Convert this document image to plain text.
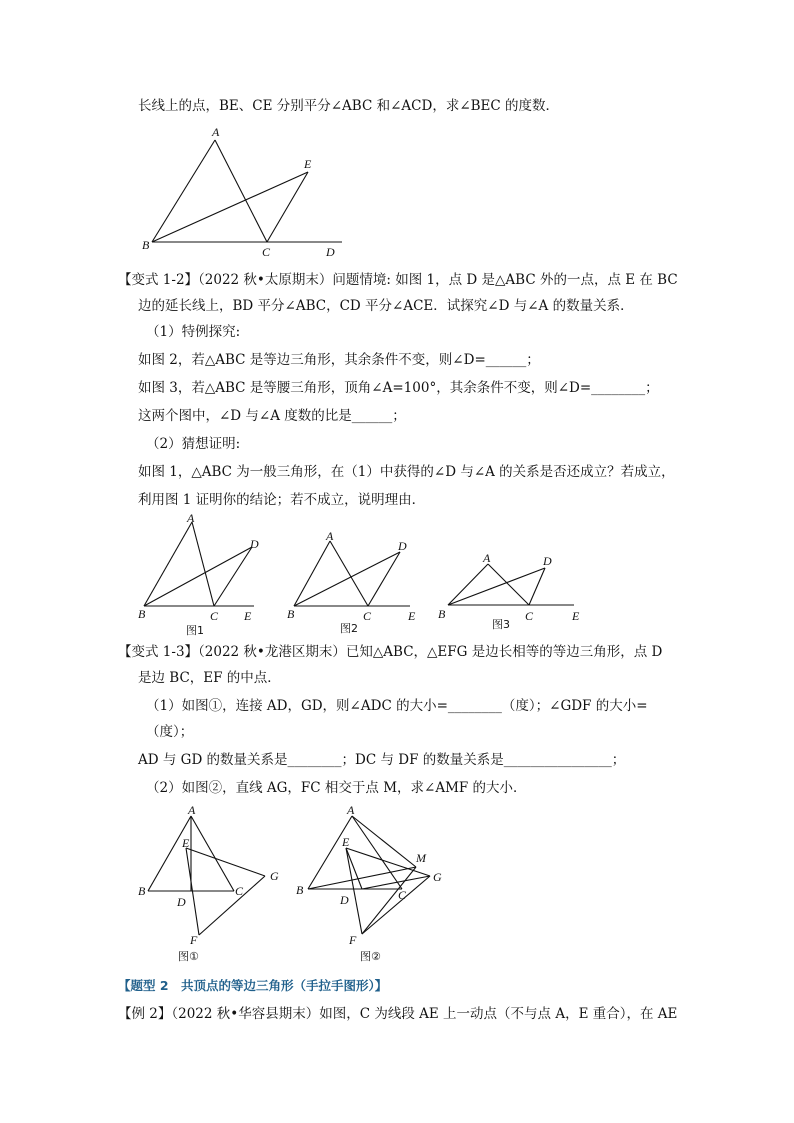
长线上的点，BE、CE 分别平分∠ABC 和∠ACD，求∠BEC 的度数．
A
B	C	D
E
【变式 1-2】（2022 秋•太原期末）问题情境: 如图 1，点 D 是△ABC 外的一点，点 E 在 BC
边的延长线上，BD 平分∠ABC，CD 平分∠ACE．试探究∠D 与∠A 的数量关系．
（1）特例探究:
如图 2，若△ABC 是等边三角形，其余条件不变，则∠D=______；
如图 3，若△ABC 是等腰三角形，顶角∠A=100°，其余条件不变，则∠D=________；
这两个图中，∠D 与∠A 度数的比是______；
（2）猜想证明:
如图 1，△ABC 为一般三角形，在（1）中获得的∠D 与∠A 的关系是否还成立？若成立，
利用图 1 证明你的结论；若不成立，说明理由．
A
B	C
D
E
图1
A
B	C
D
E
图2
A
B	C
D
E
图3
【变式 1-3】（2022 秋•龙港区期末）已知△ABC，△EFG 是边长相等的等边三角形，点 D
是边 BC，EF 的中点．
（1）如图①，连接 AD，GD，则∠ADC 的大小=________（度）；∠GDF 的大小=
（度）；
AD 与 GD 的数量关系是________；DC 与 DF 的数量关系是________________；
（2）如图②，直线 AG，FC 相交于点 M，求∠AMF 的大小．
A
B	C
D
E
F
G
图①
A
B	C
D
E
F
G
M
图②
【题型 2　共顶点的等边三角形（手拉手图形）】
【例 2】（2022 秋•华容县期末）如图，C 为线段 AE 上一动点（不与点 A，E 重合），在 AE
